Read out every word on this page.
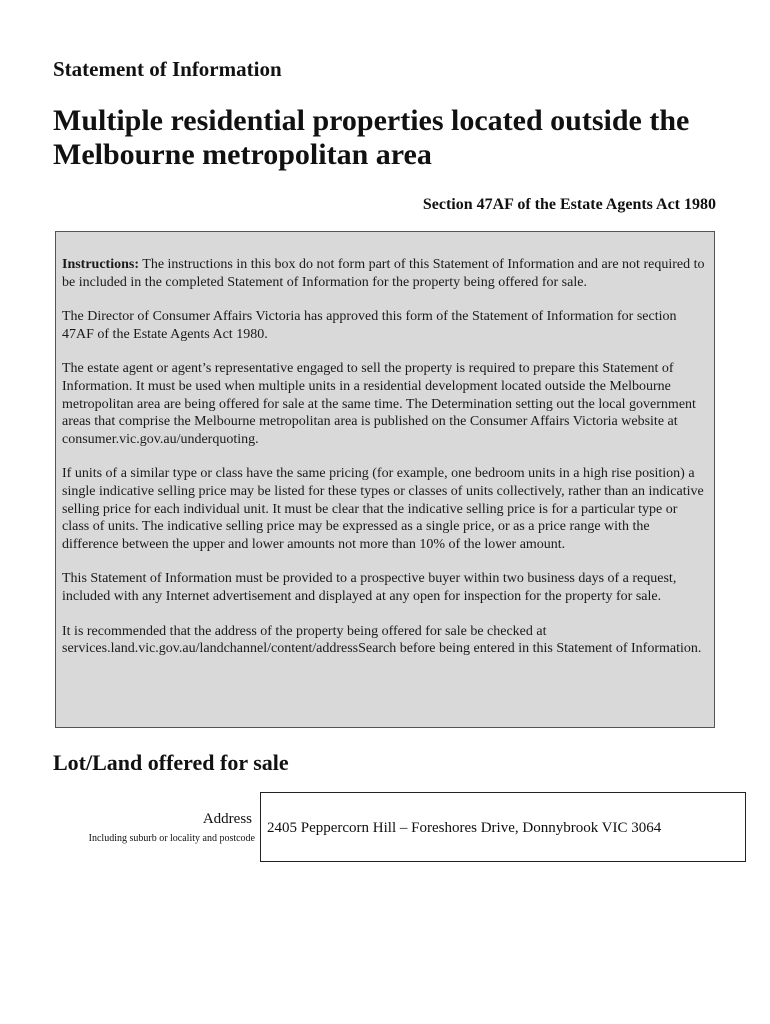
Statement of Information
Multiple residential properties located outside the Melbourne metropolitan area
Section 47AF of the Estate Agents Act 1980

Instructions: The instructions in this box do not form part of this Statement of Information and are not required to be included in the completed Statement of Information for the property being offered for sale.

The Director of Consumer Affairs Victoria has approved this form of the Statement of Information for section 47AF of the Estate Agents Act 1980.

The estate agent or agent’s representative engaged to sell the property is required to prepare this Statement of Information. It must be used when multiple units in a residential development located outside the Melbourne metropolitan area are being offered for sale at the same time. The Determination setting out the local government areas that comprise the Melbourne metropolitan area is published on the Consumer Affairs Victoria website at consumer.vic.gov.au/underquoting.

If units of a similar type or class have the same pricing (for example, one bedroom units in a high rise position) a single indicative selling price may be listed for these types or classes of units collectively, rather than an indicative selling price for each individual unit. It must be clear that the indicative selling price is for a particular type or class of units. The indicative selling price may be expressed as a single price, or as a price range with the difference between the upper and lower amounts not more than 10% of the lower amount.

This Statement of Information must be provided to a prospective buyer within two business days of a request, included with any Internet advertisement and displayed at any open for inspection for the property for sale.

It is recommended that the address of the property being offered for sale be checked at services.land.vic.gov.au/landchannel/content/addressSearch before being entered in this Statement of Information.

Lot/Land offered for sale
Address
Including suburb or locality and postcode
2405 Peppercorn Hill – Foreshores Drive, Donnybrook VIC 3064
